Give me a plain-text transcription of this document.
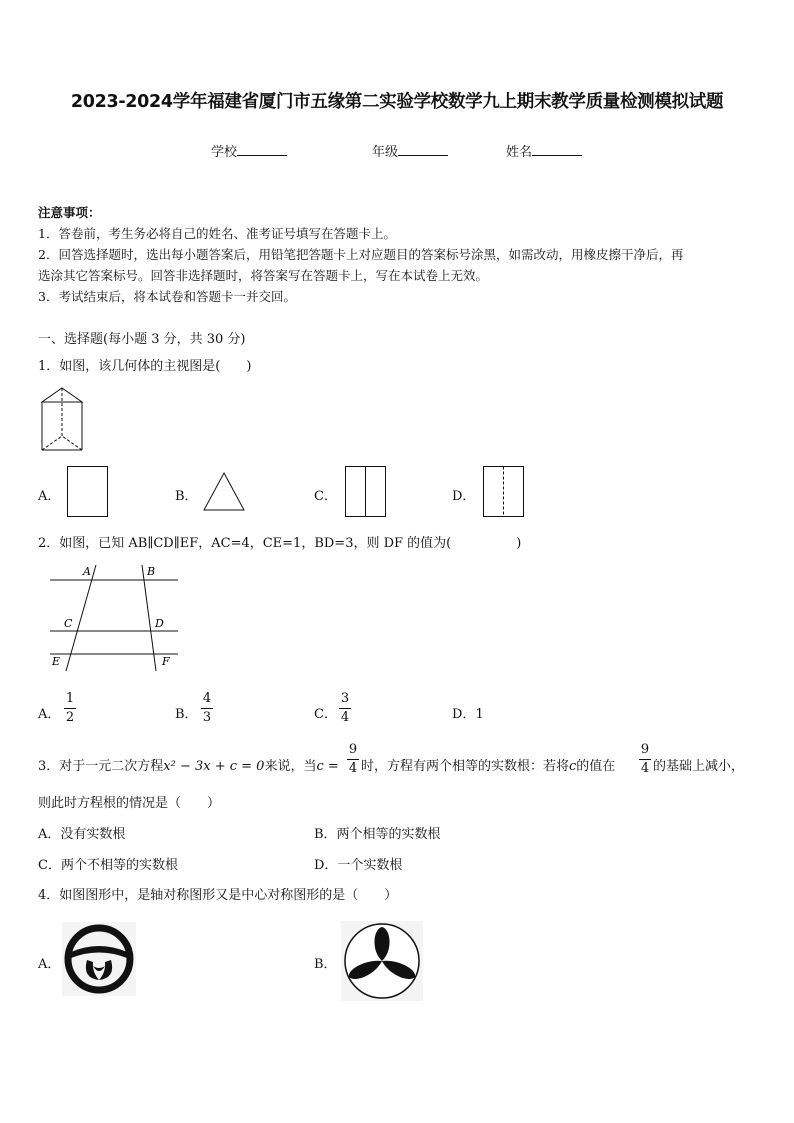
2023-2024学年福建省厦门市五缘第二实验学校数学九上期末教学质量检测模拟试题
学校	年级	姓名
注意事项：
1．答卷前，考生务必将自己的姓名、准考证号填写在答题卡上。
2．回答选择题时，选出每小题答案后，用铅笔把答题卡上对应题目的答案标号涂黑，如需改动，用橡皮擦干净后，再
选涂其它答案标号。回答非选择题时，将答案写在答题卡上，写在本试卷上无效。
3．考试结束后，将本试卷和答题卡一并交回。
一、选择题(每小题 3 分，共 30 分)
1．如图，该几何体的主视图是(　　)
A．	B．	C．	D．
2．如图，已知 AB∥CD∥EF，AC=4，CE=1，BD=3，则 DF 的值为(　　　　　)
A	B
C	D
E	F
A．
1
2	B．
4
3	C．
3
4	D．1
3．对于一元二次方程x² − 3x + c = 0来说，当c =
9
4 时，方程有两个相等的实数根：若将c的值在
9
4 的基础上减小，
则此时方程根的情况是（　　）
A．没有实数根	B．两个相等的实数根
C．两个不相等的实数根	D．一个实数根
4．如图图形中，是轴对称图形又是中心对称图形的是（　　）
A．	B．
